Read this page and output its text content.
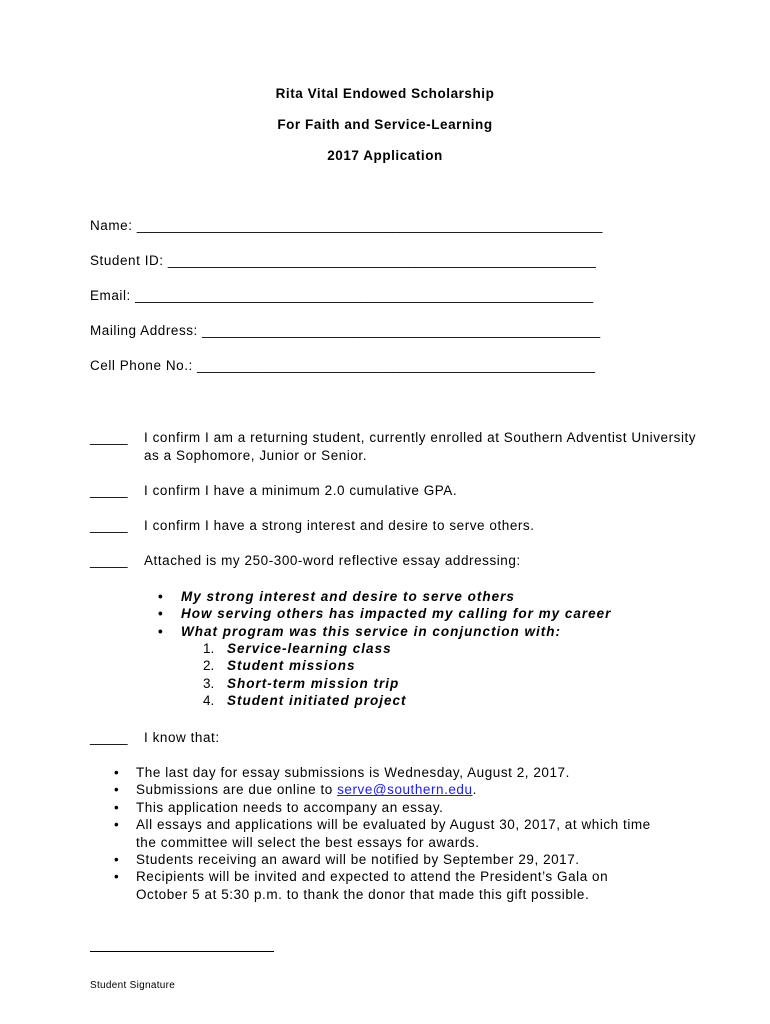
Rita Vital Endowed Scholarship
For Faith and Service-Learning
2017 Application
Name: ______________________________________________________________
Student ID: _________________________________________________________
Email: _____________________________________________________________
Mailing Address: _____________________________________________________
Cell Phone No.: _____________________________________________________
_____ I confirm I am a returning student, currently enrolled at Southern Adventist University as a Sophomore, Junior or Senior.
_____ I confirm I have a minimum 2.0 cumulative GPA.
_____ I confirm I have a strong interest and desire to serve others.
_____ Attached is my 250-300-word reflective essay addressing:
• My strong interest and desire to serve others
• How serving others has impacted my calling for my career
• What program was this service in conjunction with:
1. Service-learning class
2. Student missions
3. Short-term mission trip
4. Student initiated project
_____ I know that:
• The last day for essay submissions is Wednesday, August 2, 2017.
• Submissions are due online to serve@southern.edu.
• This application needs to accompany an essay.
• All essays and applications will be evaluated by August 30, 2017, at which time the committee will select the best essays for awards.
• Students receiving an award will be notified by September 29, 2017.
• Recipients will be invited and expected to attend the President’s Gala on October 5 at 5:30 p.m. to thank the donor that made this gift possible.
Student Signature
